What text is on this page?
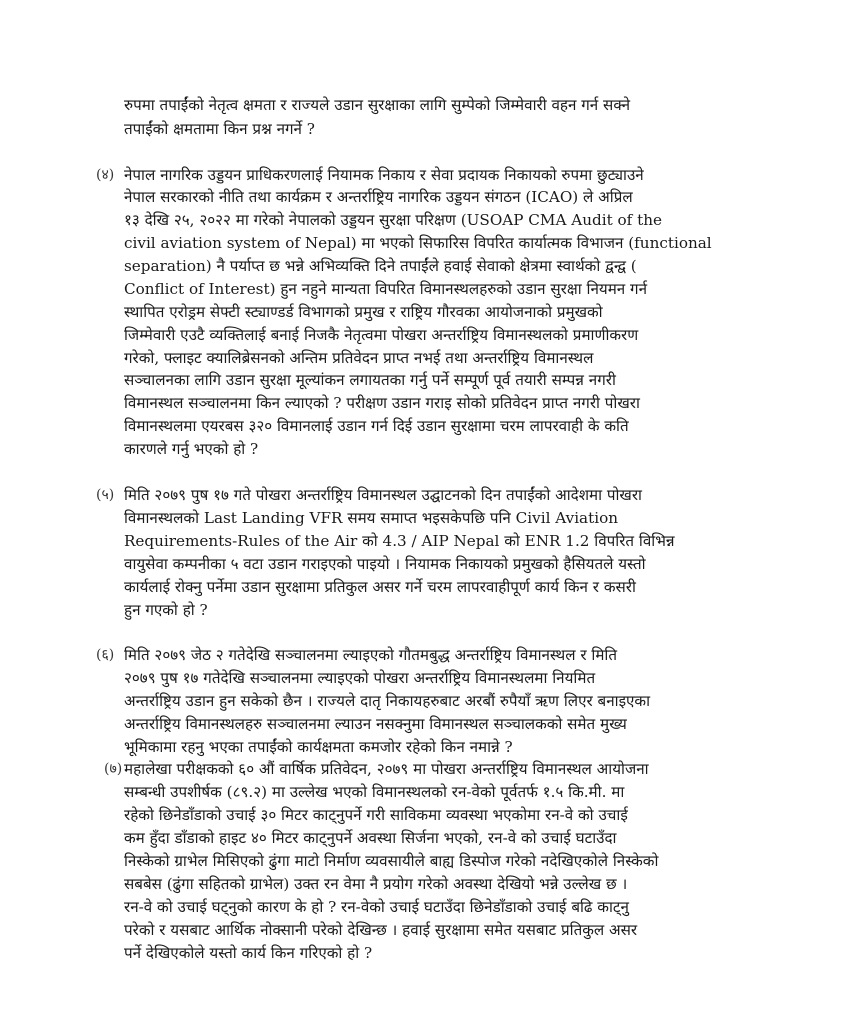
रुपमा तपाईंको नेतृत्व क्षमता र राज्यले उडान सुरक्षाका लागि सुम्पेको जिम्मेवारी वहन गर्न सक्ने
तपाईंको क्षमतामा किन प्रश्न नगर्ने ?
(४) नेपाल नागरिक उड्डयन प्राधिकरणलाई नियामक निकाय र सेवा प्रदायक निकायको रुपमा छुट्याउने
नेपाल सरकारको नीति तथा कार्यक्रम र अन्तर्राष्ट्रिय नागरिक उड्डयन संगठन (ICAO) ले अप्रिल
१३ देखि २५, २०२२ मा गरेको नेपालको उड्डयन सुरक्षा परिक्षण (USOAP CMA Audit of the
civil aviation system of Nepal) मा भएको सिफारिस विपरित कार्यात्मक विभाजन (functional
separation) नै पर्याप्त छ भन्ने अभिव्यक्ति दिने तपाईंले हवाई सेवाको क्षेत्रमा स्वार्थको द्वन्द्व (
Conflict of Interest) हुन नहुने मान्यता विपरित विमानस्थलहरुको उडान सुरक्षा नियमन गर्न
स्थापित एरोड्रम सेफ्टी स्ट्याण्डर्ड विभागको प्रमुख र राष्ट्रिय गौरवका आयोजनाको प्रमुखको
जिम्मेवारी एउटै व्यक्तिलाई बनाई निजकै नेतृत्वमा पोखरा अन्तर्राष्ट्रिय विमानस्थलको प्रमाणीकरण
गरेको, फ्लाइट क्यालिब्रेसनको अन्तिम प्रतिवेदन प्राप्त नभई तथा अन्तर्राष्ट्रिय विमानस्थल
सञ्चालनका लागि उडान सुरक्षा मूल्यांकन लगायतका गर्नु पर्ने सम्पूर्ण पूर्व तयारी सम्पन्न नगरी
विमानस्थल सञ्चालनमा किन ल्याएको ? परीक्षण उडान गराइ सोको प्रतिवेदन प्राप्त नगरी पोखरा
विमानस्थलमा एयरबस ३२० विमानलाई उडान गर्न दिई उडान सुरक्षामा चरम लापरवाही के कति
कारणले गर्नु भएको हो ?
(५) मिति २०७९ पुष १७ गते पोखरा अन्तर्राष्ट्रिय विमानस्थल उद्घाटनको दिन तपाईंको आदेशमा पोखरा
विमानस्थलको Last Landing VFR समय समाप्त भइसकेपछि पनि Civil Aviation
Requirements-Rules of the Air को 4.3 / AIP Nepal को ENR 1.2 विपरित विभिन्न
वायुसेवा कम्पनीका ५ वटा उडान गराइएको पाइयो । नियामक निकायको प्रमुखको हैसियतले यस्तो
कार्यलाई रोक्नु पर्नेमा उडान सुरक्षामा प्रतिकुल असर गर्ने चरम लापरवाहीपूर्ण कार्य किन र कसरी
हुन गएको हो ?
(६) मिति २०७९ जेठ २ गतेदेखि सञ्चालनमा ल्याइएको गौतमबुद्ध अन्तर्राष्ट्रिय विमानस्थल र मिति
२०७९ पुष १७ गतेदेखि सञ्चालनमा ल्याइएको पोखरा अन्तर्राष्ट्रिय विमानस्थलमा नियमित
अन्तर्राष्ट्रिय उडान हुन सकेको छैन । राज्यले दातृ निकायहरुबाट अरबौं रुपैयाँ ऋण लिएर बनाइएका
अन्तर्राष्ट्रिय विमानस्थलहरु सञ्चालनमा ल्याउन नसक्नुमा विमानस्थल सञ्चालकको समेत मुख्य
भूमिकामा रहनु भएका तपाईंको कार्यक्षमता कमजोर रहेको किन नमान्ने ?
(७) महालेखा परीक्षकको ६० औं वार्षिक प्रतिवेदन, २०७९ मा पोखरा अन्तर्राष्ट्रिय विमानस्थल आयोजना
सम्बन्धी उपशीर्षक (८९.२) मा उल्लेख भएको विमानस्थलको रन-वेको पूर्वतर्फ १.५ कि.मी. मा
रहेको छिनेडाँडाको उचाई ३० मिटर काट्नुपर्ने गरी साविकमा व्यवस्था भएकोमा रन-वे को उचाई
कम हुँदा डाँडाको हाइट ४० मिटर काट्नुपर्ने अवस्था सिर्जना भएको, रन-वे को उचाई घटाउँदा
निस्केको ग्राभेल मिसिएको ढुंगा माटो निर्माण व्यवसायीले बाह्य डिस्पोज गरेको नदेखिएकोले निस्केको
सबबेस (ढुंगा सहितको ग्राभेल) उक्त रन वेमा नै प्रयोग गरेको अवस्था देखियो भन्ने उल्लेख छ ।
रन-वे को उचाई घट्नुको कारण के हो ? रन-वेको उचाई घटाउँदा छिनेडाँडाको उचाई बढि काट्नु
परेको र यसबाट आर्थिक नोक्सानी परेको देखिन्छ । हवाई सुरक्षामा समेत यसबाट प्रतिकुल असर
पर्ने देखिएकोले यस्तो कार्य किन गरिएको हो ?
